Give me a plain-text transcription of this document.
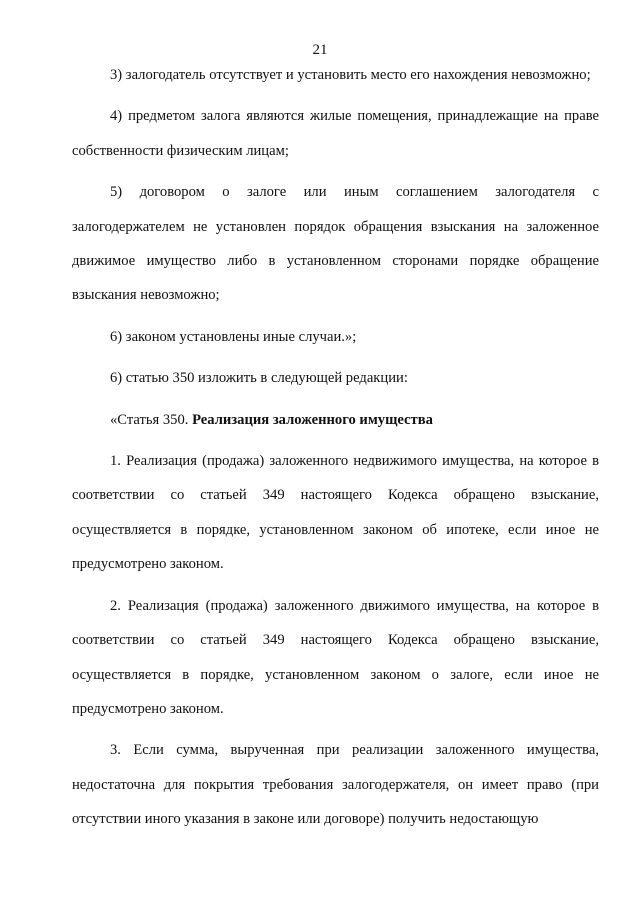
21

3) залогодатель отсутствует и установить место его нахождения невозможно;

4) предметом залога являются жилые помещения, принадлежащие на праве собственности физическим лицам;

5) договором о залоге или иным соглашением залогодателя с залогодержателем не установлен порядок обращения взыскания на заложенное движимое имущество либо в установленном сторонами порядке обращение взыскания невозможно;

6) законом установлены иные случаи.»;

6) статью 350 изложить в следующей редакции:

«Статья 350. Реализация заложенного имущества

1. Реализация (продажа) заложенного недвижимого имущества, на которое в соответствии со статьей 349 настоящего Кодекса обращено взыскание, осуществляется в порядке, установленном законом об ипотеке, если иное не предусмотрено законом.

2. Реализация (продажа) заложенного движимого имущества, на которое в соответствии со статьей 349 настоящего Кодекса обращено взыскание, осуществляется в порядке, установленном законом о залоге, если иное не предусмотрено законом.

3. Если сумма, вырученная при реализации заложенного имущества, недостаточна для покрытия требования залогодержателя, он имеет право (при отсутствии иного указания в законе или договоре) получить недостающую
